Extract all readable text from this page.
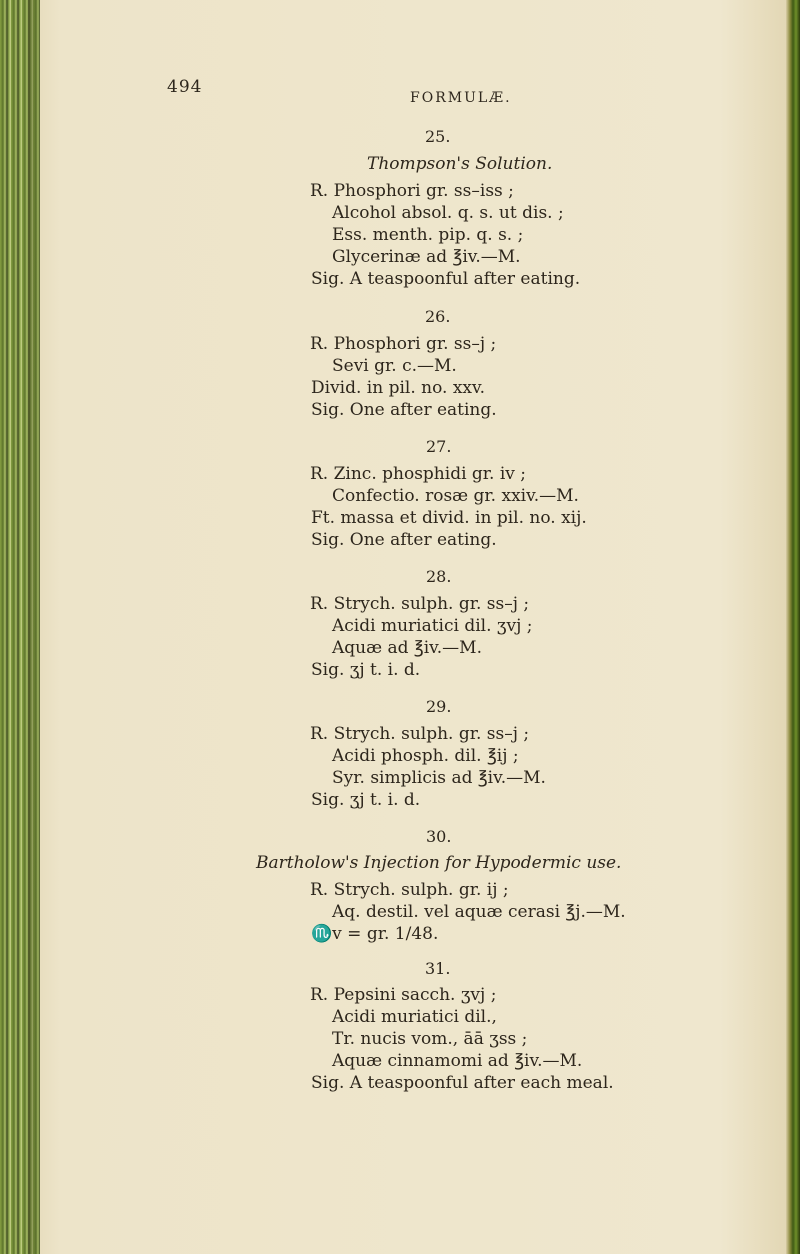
494
FORMULÆ.
25.
Thompson's Solution.
R. Phosphori gr. ss–iss ;
Alcohol absol. q. s. ut dis. ;
Ess. menth. pip. q. s. ;
Glycerinæ ad ℥iv.—M.
Sig. A teaspoonful after eating.
26.
R. Phosphori gr. ss–j ;
Sevi gr. c.—M.
Divid. in pil. no. xxv.
Sig. One after eating.
27.
R. Zinc. phosphidi gr. iv ;
Confectio. rosæ gr. xxiv.—M.
Ft. massa et divid. in pil. no. xij.
Sig. One after eating.
28.
R. Strych. sulph. gr. ss–j ;
Acidi muriatici dil. ʒvj ;
Aquæ ad ℥iv.—M.
Sig. ʒj t. i. d.
29.
R. Strych. sulph. gr. ss–j ;
Acidi phosph. dil. ℥ij ;
Syr. simplicis ad ℥iv.—M.
Sig. ʒj t. i. d.
30.
Bartholow's Injection for Hypodermic use.
R. Strych. sulph. gr. ij ;
Aq. destil. vel aquæ cerasi ℥j.—M.
♏v = gr. 1/48.
31.
R. Pepsini sacch. ʒvj ;
Acidi muriatici dil.,
Tr. nucis vom., āā ʒss ;
Aquæ cinnamomi ad ℥iv.—M.
Sig. A teaspoonful after each meal.
